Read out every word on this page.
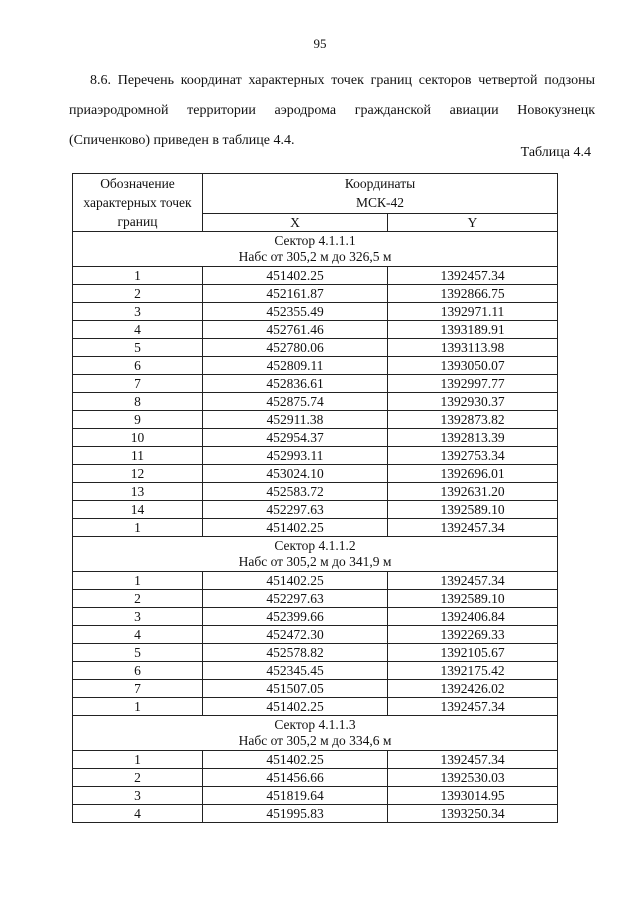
95

8.6. Перечень координат характерных точек границ секторов четвертой подзоны приаэродромной территории аэродрома гражданской авиации Новокузнецк (Спиченково) приведен в таблице 4.4.

Таблица 4.4
Обозначение характерных точек границ	Координаты	
	МСК-42	
	X	Y

Сектор 4.1.1.1
Набс от 305,2 м до 326,5 м		

1	451402.25	1392457.34
2	452161.87	1392866.75
3	452355.49	1392971.11
4	452761.46	1393189.91
5	452780.06	1393113.98
6	452809.11	1393050.07
7	452836.61	1392997.77
8	452875.74	1392930.37
9	452911.38	1392873.82
10	452954.37	1392813.39
11	452993.11	1392753.34
12	453024.10	1392696.01
13	452583.72	1392631.20
14	452297.63	1392589.10
1	451402.25	1392457.34

Сектор 4.1.1.2
Набс от 305,2 м до 341,9 м		

1	451402.25	1392457.34
2	452297.63	1392589.10
3	452399.66	1392406.84
4	452472.30	1392269.33
5	452578.82	1392105.67
6	452345.45	1392175.42
7	451507.05	1392426.02
1	451402.25	1392457.34

Сектор 4.1.1.3
Набс от 305,2 м до 334,6 м		

1	451402.25	1392457.34
2	451456.66	1392530.03
3	451819.64	1393014.95
4	451995.83	1393250.34
